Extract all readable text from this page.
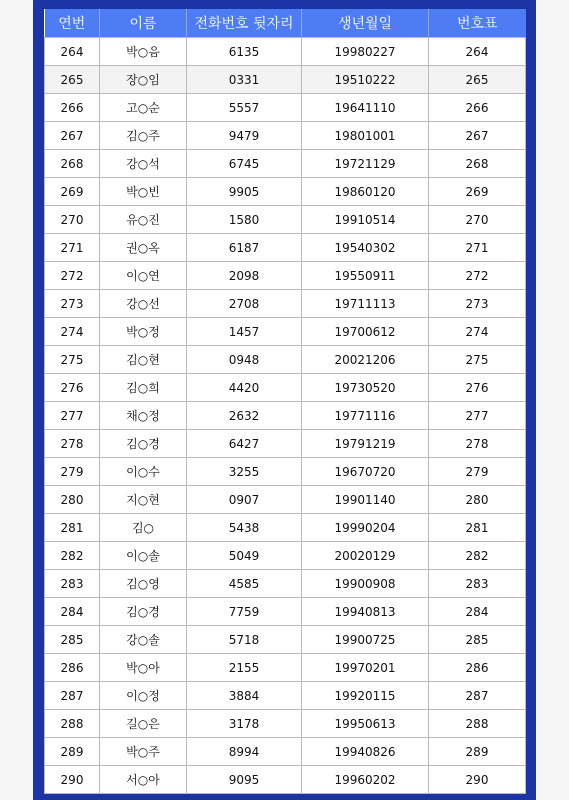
연번	이름	전화번호 뒷자리	생년월일	번호표
264	박○음	6135	19980227	264
265	장○임	0331	19510222	265
266	고○순	5557	19641110	266
267	김○주	9479	19801001	267
268	강○석	6745	19721129	268
269	박○빈	9905	19860120	269
270	유○진	1580	19910514	270
271	권○옥	6187	19540302	271
272	이○연	2098	19550911	272
273	강○선	2708	19711113	273
274	박○정	1457	19700612	274
275	김○현	0948	20021206	275
276	김○희	4420	19730520	276
277	채○정	2632	19771116	277
278	김○경	6427	19791219	278
279	이○수	3255	19670720	279
280	지○현	0907	19901140	280
281	김○	5438	19990204	281
282	이○솔	5049	20020129	282
283	김○영	4585	19900908	283
284	김○경	7759	19940813	284
285	강○솔	5718	19900725	285
286	박○아	2155	19970201	286
287	이○정	3884	19920115	287
288	길○은	3178	19950613	288
289	박○주	8994	19940826	289
290	서○아	9095	19960202	290
